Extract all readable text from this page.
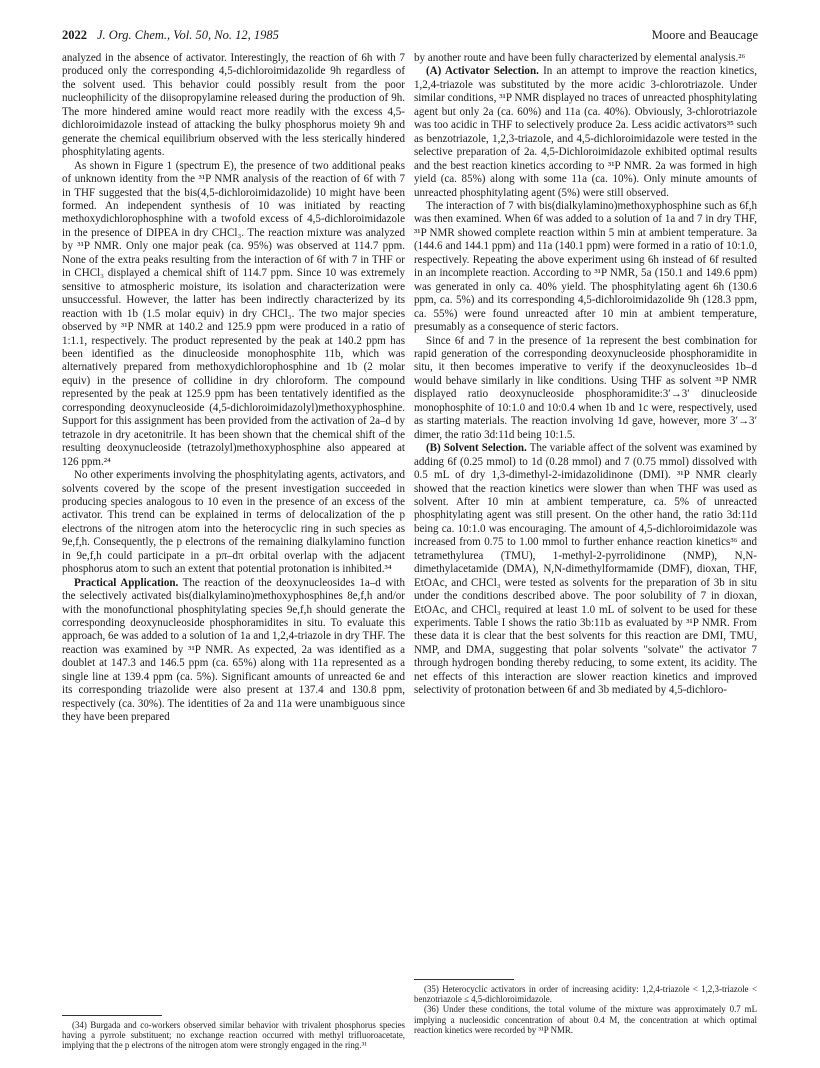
2022 J. Org. Chem., Vol. 50, No. 12, 1985	Moore and Beaucage

analyzed in the absence of activator. Interestingly, the reaction of 6h with 7 produced only the corresponding 4,5-dichloroimidazolide 9h regardless of the solvent used. This behavior could possibly result from the poor nucleophilicity of the diisopropylamine released during the production of 9h. The more hindered amine would react more readily with the excess 4,5-dichloroimidazole instead of attacking the bulky phosphorus moiety 9h and generate the chemical equilibrium observed with the less sterically hindered phosphitylating agents.

As shown in Figure 1 (spectrum E), the presence of two additional peaks of unknown identity from the ³¹P NMR analysis of the reaction of 6f with 7 in THF suggested that the bis(4,5-dichloroimidazolide) 10 might have been formed. An independent synthesis of 10 was initiated by reacting methoxydichlorophosphine with a twofold excess of 4,5-dichloroimidazole in the presence of DIPEA in dry CHCl₃. The reaction mixture was analyzed by ³¹P NMR. Only one major peak (ca. 95%) was observed at 114.7 ppm. None of the extra peaks resulting from the interaction of 6f with 7 in THF or in CHCl₃ displayed a chemical shift of 114.7 ppm. Since 10 was extremely sensitive to atmospheric moisture, its isolation and characterization were unsuccessful. However, the latter has been indirectly characterized by its reaction with 1b (1.5 molar equiv) in dry CHCl₃. The two major species observed by ³¹P NMR at 140.2 and 125.9 ppm were produced in a ratio of 1:1.1, respectively. The product represented by the peak at 140.2 ppm has been identified as the dinucleoside monophosphite 11b, which was alternatively prepared from methoxydichlorophosphine and 1b (2 molar equiv) in the presence of collidine in dry chloroform. The compound represented by the peak at 125.9 ppm has been tentatively identified as the corresponding deoxynucleoside (4,5-dichloroimidazolyl)methoxyphosphine. Support for this assignment has been provided from the activation of 2a–d by tetrazole in dry acetonitrile. It has been shown that the chemical shift of the resulting deoxynucleoside (tetrazolyl)methoxyphosphine also appeared at 126 ppm.²⁴

No other experiments involving the phosphitylating agents, activators, and solvents covered by the scope of the present investigation succeeded in producing species analogous to 10 even in the presence of an excess of the activator. This trend can be explained in terms of delocalization of the p electrons of the nitrogen atom into the heterocyclic ring in such species as 9e,f,h. Consequently, the p electrons of the remaining dialkylamino function in 9e,f,h could participate in a pπ–dπ orbital overlap with the adjacent phosphorus atom to such an extent that potential protonation is inhibited.³⁴

Practical Application. The reaction of the deoxynucleosides 1a–d with the selectively activated bis(dialkylamino)methoxyphosphines 8e,f,h and/or with the monofunctional phosphitylating species 9e,f,h should generate the corresponding deoxynucleoside phosphoramidites in situ. To evaluate this approach, 6e was added to a solution of 1a and 1,2,4-triazole in dry THF. The reaction was examined by ³¹P NMR. As expected, 2a was identified as a doublet at 147.3 and 146.5 ppm (ca. 65%) along with 11a represented as a single line at 139.4 ppm (ca. 5%). Significant amounts of unreacted 6e and its corresponding triazolide were also present at 137.4 and 130.8 ppm, respectively (ca. 30%). The identities of 2a and 11a were unambiguous since they have been prepared

(34) Burgada and co-workers observed similar behavior with trivalent phosphorus species having a pyrrole substituent; no exchange reaction occurred with methyl trifluoroacetate, implying that the p electrons of the nitrogen atom were strongly engaged in the ring.³¹

by another route and have been fully characterized by elemental analysis.²⁶

(A) Activator Selection. In an attempt to improve the reaction kinetics, 1,2,4-triazole was substituted by the more acidic 3-chlorotriazole. Under similar conditions, ³¹P NMR displayed no traces of unreacted phosphitylating agent but only 2a (ca. 60%) and 11a (ca. 40%). Obviously, 3-chlorotriazole was too acidic in THF to selectively produce 2a. Less acidic activators³⁵ such as benzotriazole, 1,2,3-triazole, and 4,5-dichloroimidazole were tested in the selective preparation of 2a. 4,5-Dichloroimidazole exhibited optimal results and the best reaction kinetics according to ³¹P NMR. 2a was formed in high yield (ca. 85%) along with some 11a (ca. 10%). Only minute amounts of unreacted phosphitylating agent (5%) were still observed.

The interaction of 7 with bis(dialkylamino)methoxyphosphine such as 6f,h was then examined. When 6f was added to a solution of 1a and 7 in dry THF, ³¹P NMR showed complete reaction within 5 min at ambient temperature. 3a (144.6 and 144.1 ppm) and 11a (140.1 ppm) were formed in a ratio of 10:1.0, respectively. Repeating the above experiment using 6h instead of 6f resulted in an incomplete reaction. According to ³¹P NMR, 5a (150.1 and 149.6 ppm) was generated in only ca. 40% yield. The phosphitylating agent 6h (130.6 ppm, ca. 5%) and its corresponding 4,5-dichloroimidazolide 9h (128.3 ppm, ca. 55%) were found unreacted after 10 min at ambient temperature, presumably as a consequence of steric factors.

Since 6f and 7 in the presence of 1a represent the best combination for rapid generation of the corresponding deoxynucleoside phosphoramidite in situ, it then becomes imperative to verify if the deoxynucleosides 1b–d would behave similarly in like conditions. Using THF as solvent ³¹P NMR displayed ratio deoxynucleoside phosphoramidite:3′→3′ dinucleoside monophosphite of 10:1.0 and 10:0.4 when 1b and 1c were, respectively, used as starting materials. The reaction involving 1d gave, however, more 3′→3′ dimer, the ratio 3d:11d being 10:1.5.

(B) Solvent Selection. The variable affect of the solvent was examined by adding 6f (0.25 mmol) to 1d (0.28 mmol) and 7 (0.75 mmol) dissolved with 0.5 mL of dry 1,3-dimethyl-2-imidazolidinone (DMI). ³¹P NMR clearly showed that the reaction kinetics were slower than when THF was used as solvent. After 10 min at ambient temperature, ca. 5% of unreacted phosphitylating agent was still present. On the other hand, the ratio 3d:11d being ca. 10:1.0 was encouraging. The amount of 4,5-dichloroimidazole was increased from 0.75 to 1.00 mmol to further enhance reaction kinetics³⁶ and tetramethylurea (TMU), 1-methyl-2-pyrrolidinone (NMP), N,N-dimethylacetamide (DMA), N,N-dimethylformamide (DMF), dioxan, THF, EtOAc, and CHCl₃ were tested as solvents for the preparation of 3b in situ under the conditions described above. The poor solubility of 7 in dioxan, EtOAc, and CHCl₃ required at least 1.0 mL of solvent to be used for these experiments. Table I shows the ratio 3b:11b as evaluated by ³¹P NMR. From these data it is clear that the best solvents for this reaction are DMI, TMU, NMP, and DMA, suggesting that polar solvents "solvate" the activator 7 through hydrogen bonding thereby reducing, to some extent, its acidity. The net effects of this interaction are slower reaction kinetics and improved selectivity of protonation between 6f and 3b mediated by 4,5-dichloro-

(35) Heterocyclic activators in order of increasing acidity: 1,2,4-triazole < 1,2,3-triazole < benzotriazole ≤ 4,5-dichloroimidazole.

(36) Under these conditions, the total volume of the mixture was approximately 0.7 mL implying a nucleosidic concentration of about 0.4 M, the concentration at which optimal reaction kinetics were recorded by ³¹P NMR.
